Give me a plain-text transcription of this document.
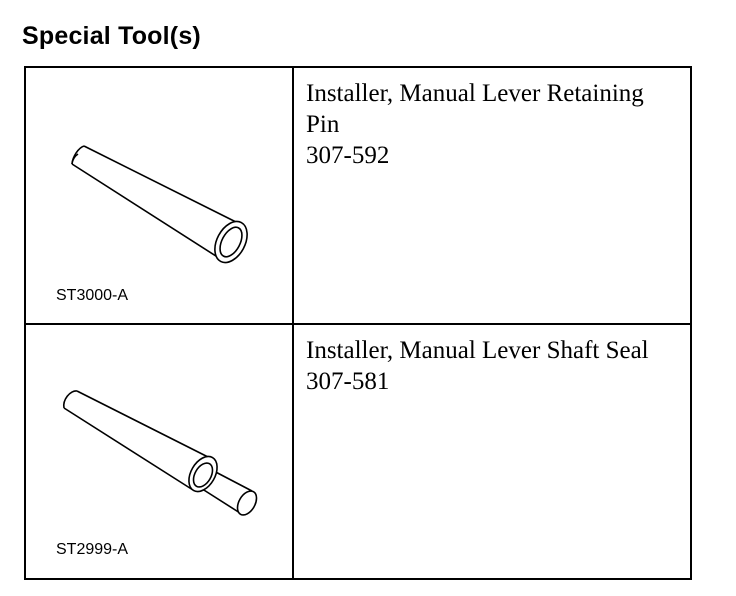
Special Tool(s)
ST3000-A
Installer, Manual Lever Retaining Pin
307-592
ST2999-A
Installer, Manual Lever Shaft Seal
307-581
